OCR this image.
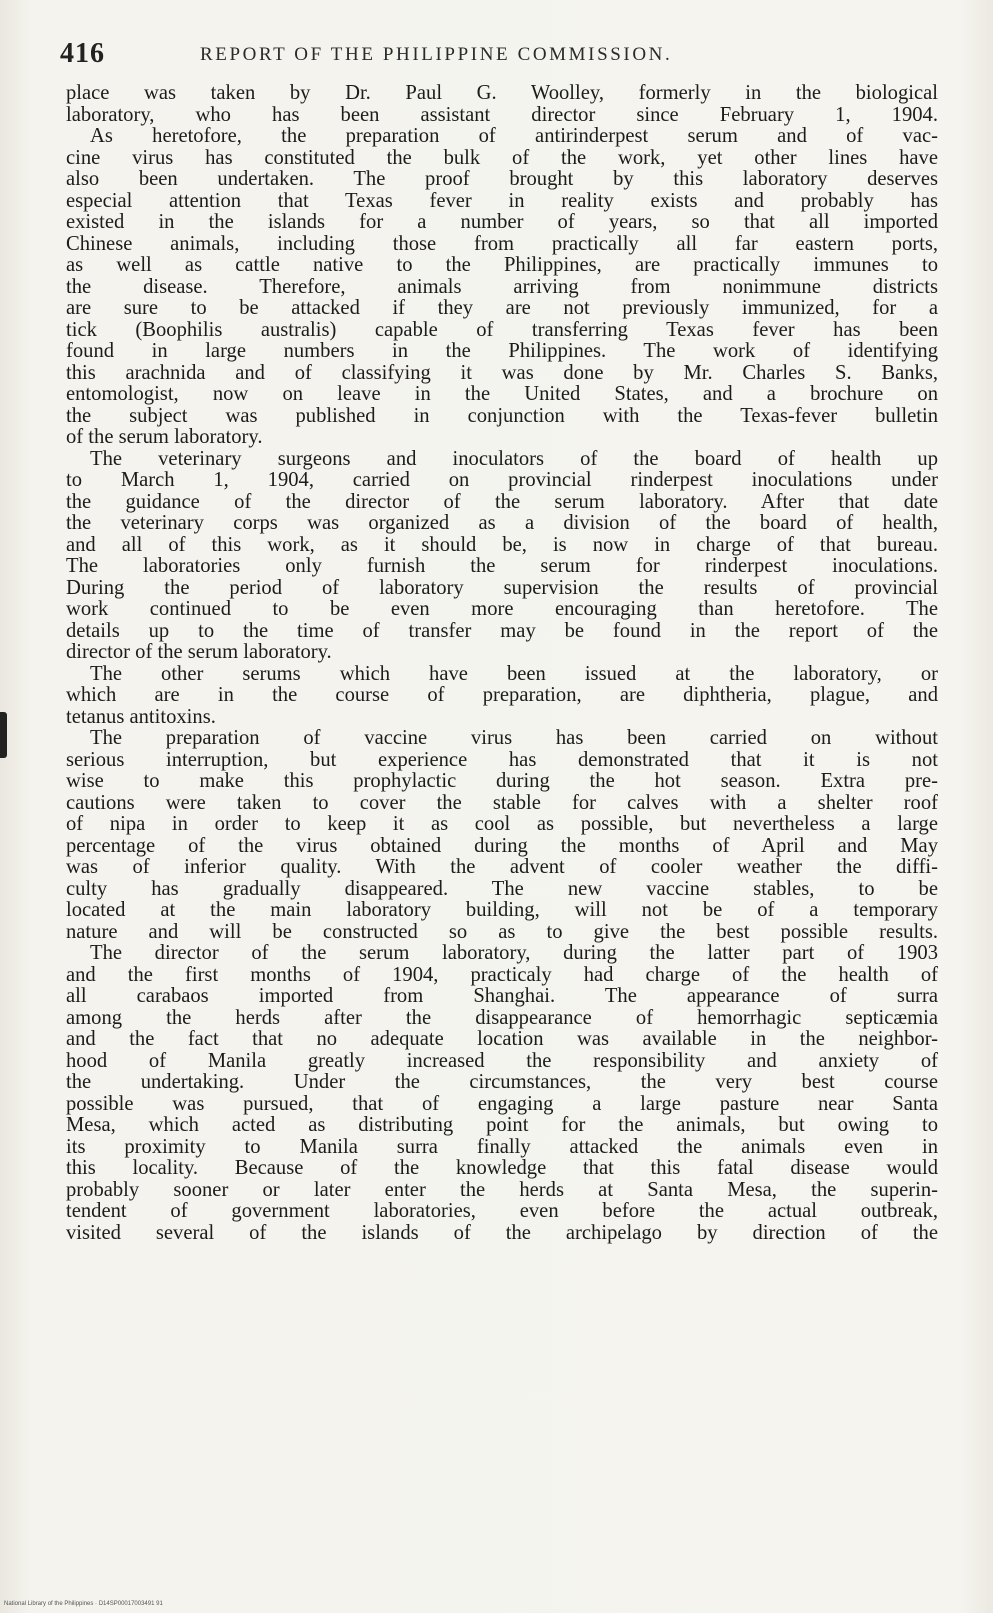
416	REPORT OF THE PHILIPPINE COMMISSION.
place was taken by Dr. Paul G. Woolley, formerly in the biological
laboratory, who has been assistant director since February 1, 1904.
As heretofore, the preparation of antirinderpest serum and of vac-
cine virus has constituted the bulk of the work, yet other lines have
also been undertaken. The proof brought by this laboratory deserves
especial attention that Texas fever in reality exists and probably has
existed in the islands for a number of years, so that all imported
Chinese animals, including those from practically all far eastern ports,
as well as cattle native to the Philippines, are practically immunes to
the disease. Therefore, animals arriving from nonimmune districts
are sure to be attacked if they are not previously immunized, for a
tick (Boophilis australis) capable of transferring Texas fever has been
found in large numbers in the Philippines. The work of identifying
this arachnida and of classifying it was done by Mr. Charles S. Banks,
entomologist, now on leave in the United States, and a brochure on
the subject was published in conjunction with the Texas-fever bulletin
of the serum laboratory.
The veterinary surgeons and inoculators of the board of health up
to March 1, 1904, carried on provincial rinderpest inoculations under
the guidance of the director of the serum laboratory. After that date
the veterinary corps was organized as a division of the board of health,
and all of this work, as it should be, is now in charge of that bureau.
The laboratories only furnish the serum for rinderpest inoculations.
During the period of laboratory supervision the results of provincial
work continued to be even more encouraging than heretofore. The
details up to the time of transfer may be found in the report of the
director of the serum laboratory.
The other serums which have been issued at the laboratory, or
which are in the course of preparation, are diphtheria, plague, and
tetanus antitoxins.
The preparation of vaccine virus has been carried on without
serious interruption, but experience has demonstrated that it is not
wise to make this prophylactic during the hot season. Extra pre-
cautions were taken to cover the stable for calves with a shelter roof
of nipa in order to keep it as cool as possible, but nevertheless a large
percentage of the virus obtained during the months of April and May
was of inferior quality. With the advent of cooler weather the diffi-
culty has gradually disappeared. The new vaccine stables, to be
located at the main laboratory building, will not be of a temporary
nature and will be constructed so as to give the best possible results.
The director of the serum laboratory, during the latter part of 1903
and the first months of 1904, practicaly had charge of the health of
all carabaos imported from Shanghai. The appearance of surra
among the herds after the disappearance of hemorrhagic septicæmia
and the fact that no adequate location was available in the neighbor-
hood of Manila greatly increased the responsibility and anxiety of
the undertaking. Under the circumstances, the very best course
possible was pursued, that of engaging a large pasture near Santa
Mesa, which acted as distributing point for the animals, but owing to
its proximity to Manila surra finally attacked the animals even in
this locality. Because of the knowledge that this fatal disease would
probably sooner or later enter the herds at Santa Mesa, the superin-
tendent of government laboratories, even before the actual outbreak,
visited several of the islands of the archipelago by direction of the
National Library of the Philippines · D14SP00017003491 91
